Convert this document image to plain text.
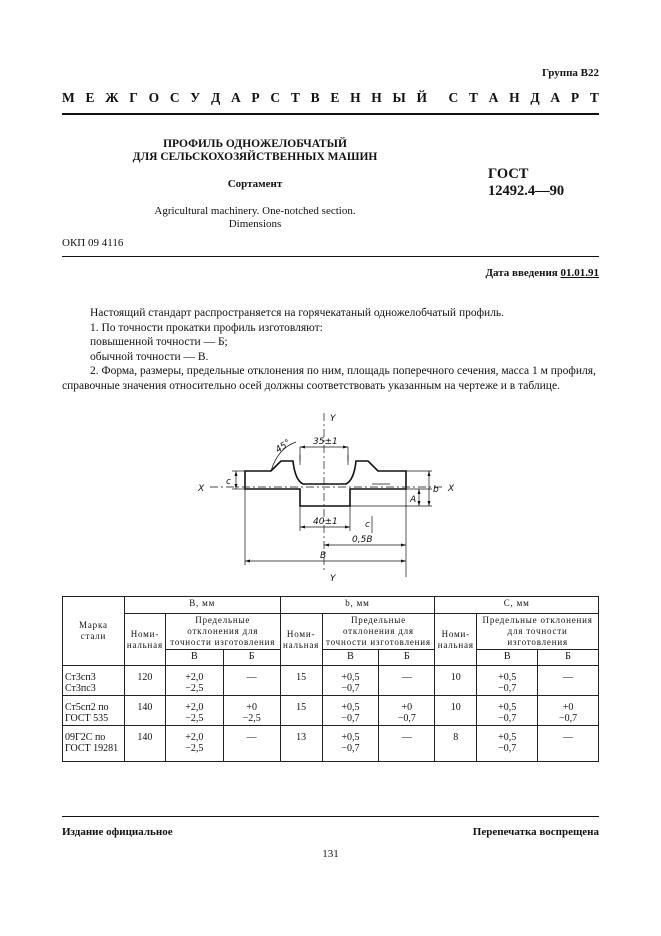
Группа В22
М Е Ж Г О С У Д А Р С Т В Е Н Н Ы Й С Т А Н Д А Р Т
ПРОФИЛЬ ОДНОЖЕЛОБЧАТЫЙ
ДЛЯ СЕЛЬСКОХОЗЯЙСТВЕННЫХ МАШИН
Сортамент
Agricultural machinery. One-notched section.
Dimensions
ГОСТ
12492.4—90
ОКП 09 4116
Дата введения 01.01.91

Настоящий стандарт распространяется на горячекатаный одножелобчатый профиль.

1. По точности прокатки профиль изготовляют:

повышенной точности — Б;

обычной точности — В.

2. Форма, размеры, предельные отклонения по ним, площадь поперечного сечения, масса 1 м профиля, справочные значения относительно осей должны соответствовать указанным на чертеже и в таблице.

Y
Y
X	X
45° 35±1
40±1
0,5B
B
b
A
c
c
Марка стали	B, мм			b, мм			C, мм		
	Номи-нальная	Предельные отклонения для точности изготовления		Номи-нальная	Предельные отклонения для точности изготовления		Номи-нальная	Предельные отклонения для точности изготовления	
		В	Б		В	Б		В	Б
Ст3сп3
Ст3пс3	120	+2,0
−2,5	—	15	+0,5
−0,7	—	10	+0,5
−0,7	—

Ст5сп2 по
ГОСТ 535	140	+2,0
−2,5	+0
−2,5	15	+0,5
−0,7	+0
−0,7	10	+0,5
−0,7	+0
−0,7
09Г2С по
ГОСТ 19281	140	+2,0
−2,5	—	13	+0,5
−0,7	—	8	+0,5
−0,7	—

Издание официальное	Перепечатка воспрещена
131
